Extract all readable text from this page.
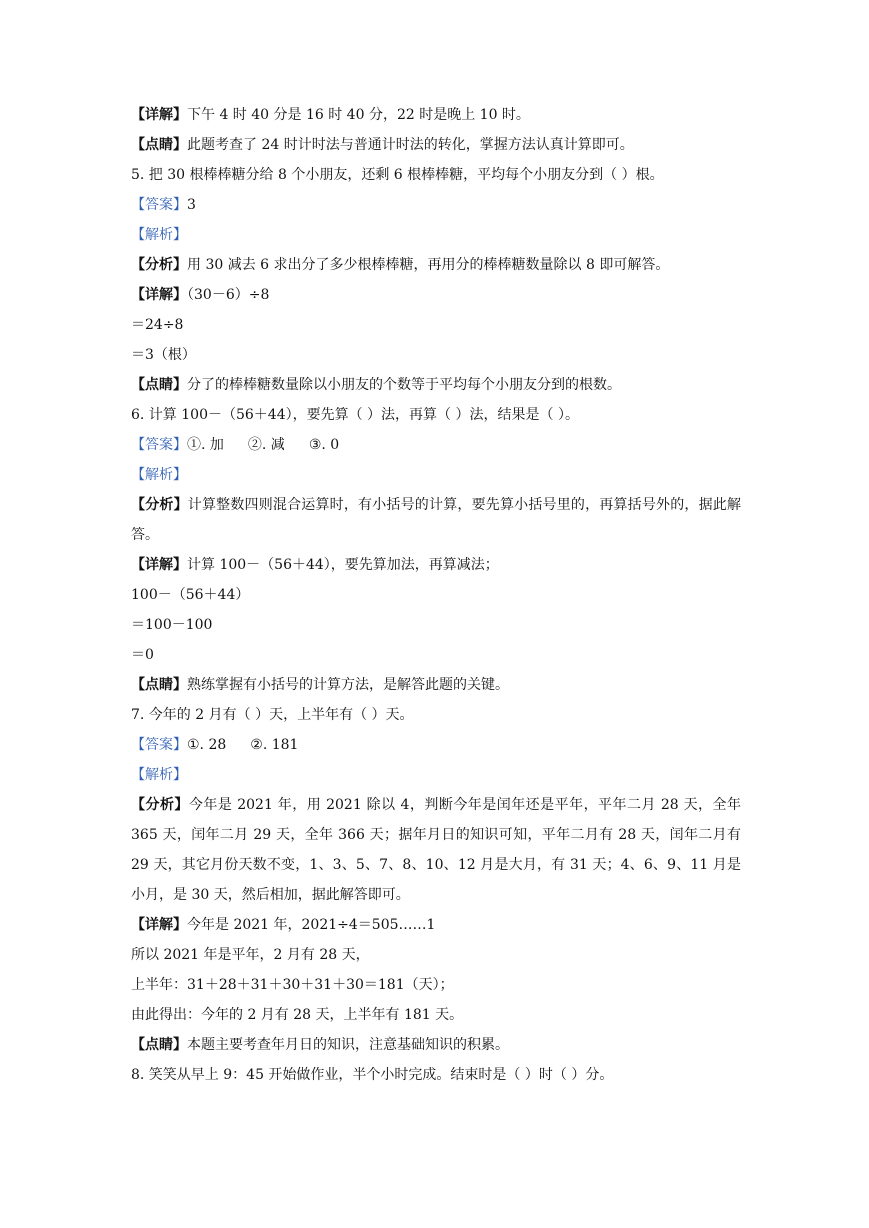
【详解】下午 4 时 40 分是 16 时 40 分，22 时是晚上 10 时。
【点睛】此题考查了 24 时计时法与普通计时法的转化，掌握方法认真计算即可。
5. 把 30 根棒棒糖分给 8 个小朋友，还剩 6 根棒棒糖，平均每个小朋友分到（ ）根。
【答案】3
【解析】
【分析】用 30 减去 6 求出分了多少根棒棒糖，再用分的棒棒糖数量除以 8 即可解答。
【详解】（30－6）÷8
＝24÷8
＝3（根）
【点睛】分了的棒棒糖数量除以小朋友的个数等于平均每个小朋友分到的根数。
6. 计算 100－（56＋44），要先算（ ）法，再算（ ）法，结果是（ ）。
【答案】①. 加 ②. 减 ③. 0
【解析】
【分析】计算整数四则混合运算时，有小括号的计算，要先算小括号里的，再算括号外的，据此解答。
【详解】计算 100－（56＋44），要先算加法，再算减法；
100－（56＋44）
＝100－100
＝0
【点睛】熟练掌握有小括号的计算方法，是解答此题的关键。
7. 今年的 2 月有（ ）天，上半年有（ ）天。
【答案】①. 28 ②. 181
【解析】
【分析】今年是 2021 年，用 2021 除以 4，判断今年是闰年还是平年，平年二月 28 天，全年 365 天，闰年二月 29 天，全年 366 天；据年月日的知识可知，平年二月有 28 天，闰年二月有 29 天，其它月份天数不变，1、3、5、7、8、10、12 月是大月，有 31 天；4、6、9、11 月是小月，是 30 天，然后相加，据此解答即可。
【详解】今年是 2021 年，2021÷4＝505……1
所以 2021 年是平年，2 月有 28 天，
上半年：31＋28＋31＋30＋31＋30＝181（天）；
由此得出：今年的 2 月有 28 天，上半年有 181 天。
【点睛】本题主要考查年月日的知识，注意基础知识的积累。
8. 笑笑从早上 9：45 开始做作业，半个小时完成。结束时是（ ）时（ ）分。
